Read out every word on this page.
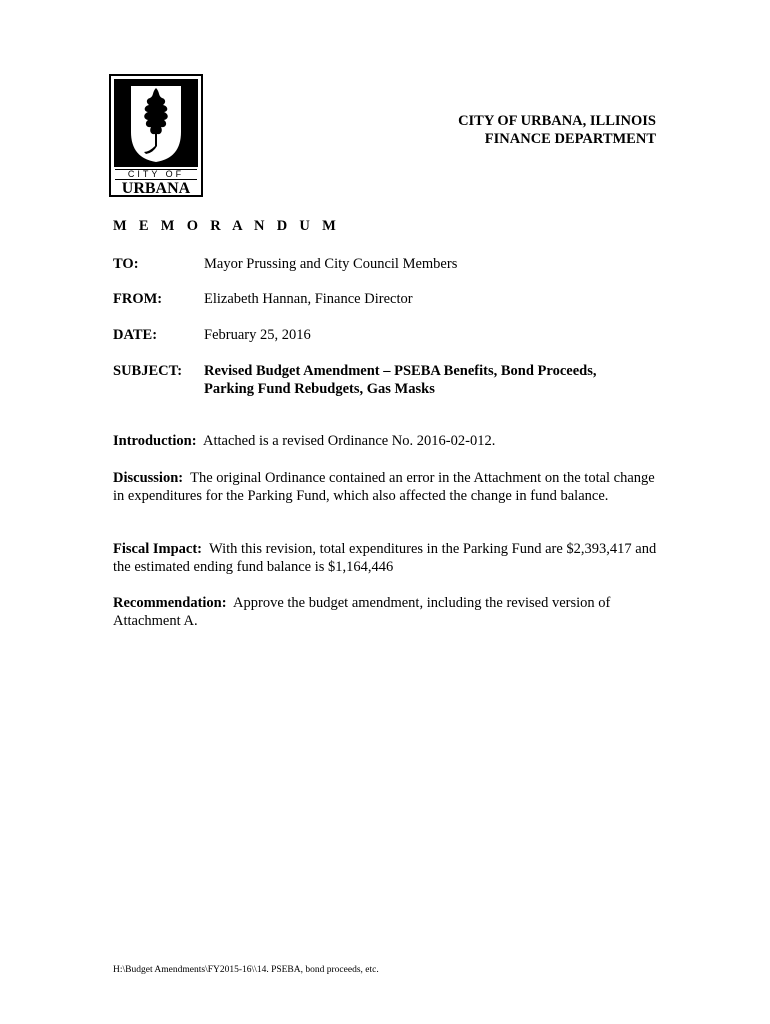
CITY OF
URBANA
CITY OF URBANA, ILLINOIS
FINANCE DEPARTMENT
M E M O R A N D U M
TO:	Mayor Prussing and City Council Members
FROM:	Elizabeth Hannan, Finance Director
DATE:	February 25, 2016
SUBJECT: Revised Budget Amendment – PSEBA Benefits, Bond Proceeds,
Parking Fund Rebudgets, Gas Masks
Introduction: Attached is a revised Ordinance No. 2016-02-012.
Discussion: The original Ordinance contained an error in the Attachment on the total change in expenditures for the Parking Fund, which also affected the change in fund balance.
Fiscal Impact: With this revision, total expenditures in the Parking Fund are $2,393,417 and the estimated ending fund balance is $1,164,446
Recommendation: Approve the budget amendment, including the revised version of Attachment A.
H:\Budget Amendments\FY2015-16\\14. PSEBA, bond proceeds, etc.
